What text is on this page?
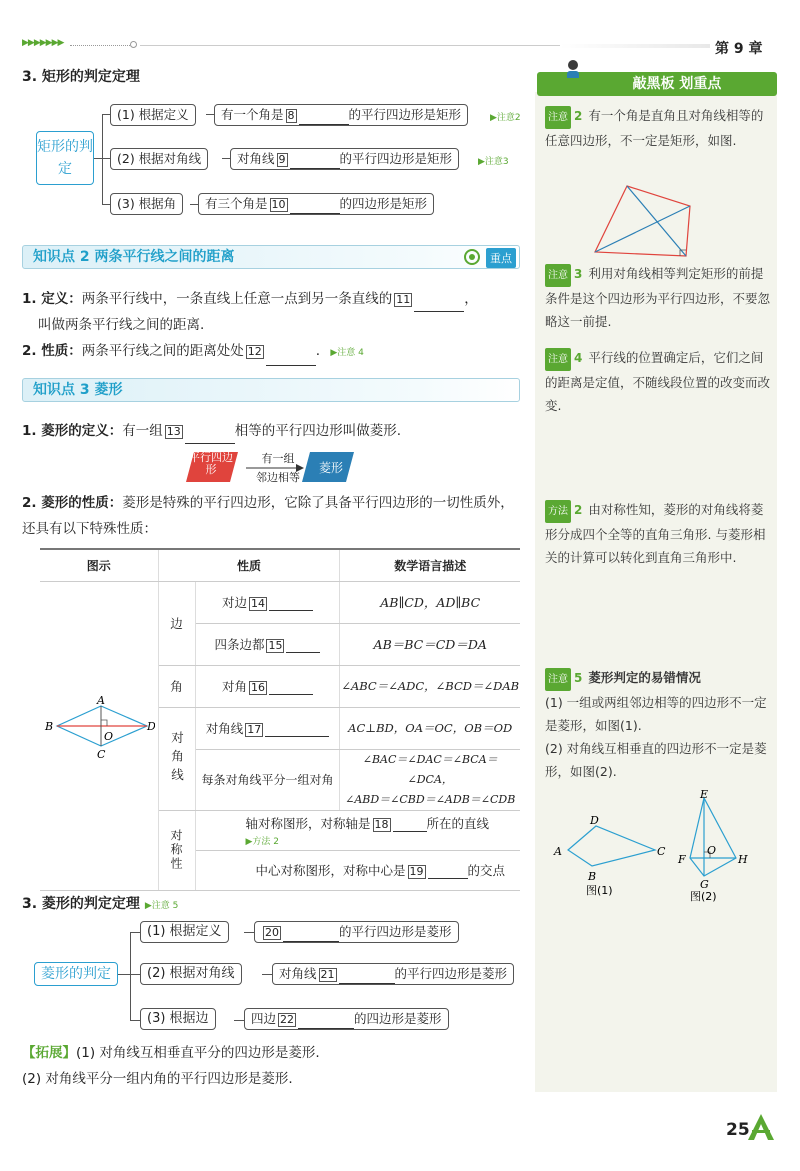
▶▶▶▶▶▶▶	第 9 章
敲黑板 划重点
注意 2 有一个角是直角且对角线相等的任意四边形，不一定是矩形，如图.
注意 3 利用对角线相等判定矩形的前提条件是这个四边形为平行四边形，不要忽略这一前提.
注意 4 平行线的位置确定后，它们之间的距离是定值，不随线段位置的改变而改变.
方法 2 由对称性知，菱形的对角线将菱形分成四个全等的直角三角形. 与菱形相关的计算可以转化到直角三角形中.
注意 5 菱形判定的易错情况
(1) 一组或两组邻边相等的四边形不一定是菱形，如图(1).
(2) 对角线互相垂直的四边形不一定是菱形，如图(2).
A
B
C
D
图(1)
E
F
G
H
O
图(2)
3. 矩形的判定定理
矩形的判定
(1) 根据定义	有一个角是 8	的平行四边形是矩形	▶注意2
(2) 根据对角线	对角线 9	的平行四边形是矩形	▶注意3
(3) 根据角	有三个角是 10	的四边形是矩形
知识点 2 两条平行线之间的距离	重点
1. 定义：两条平行线中，一条直线上任意一点到另一条直线的 11	，
叫做两条平行线之间的距离.
2. 性质：两条平行线之间的距离处处 12	. ▶注意 4
知识点 3 菱形
1. 菱形的定义：有一组 13	相等的平行四边形叫做菱形.
平行四边形
有一组
邻边相等
菱形
2. 菱形的性质：菱形是特殊的平行四边形，它除了具备平行四边形的一切性质外，还具有以下特殊性质：
图示	性质		数学语言描述

A
B
C
D
O	边	对边 14	AB∥CD，AD∥BC
		四条边都 15	AB＝BC＝CD＝DA
	角	对角 16	∠ABC＝∠ADC，∠BCD＝∠DAB
	对角线	对角线 17	AC⊥BD，OA＝OC，OB＝OD
		每条对角线平分一组对角	∠BAC＝∠DAC＝∠BCA＝∠DCA，
∠ABD＝∠CBD＝∠ADB＝∠CDB

	对称性	轴对称图形，对称轴是 18 所在的直线 ▶方法 2	
		中心对称图形，对称中心是 19 的交点	
3. 菱形的判定定理 ▶注意 5
菱形的判定
(1) 根据定义	20	的平行四边形是菱形
(2) 根据对角线	对角线 21	的平行四边形是菱形
(3) 根据边	四边 22	的四边形是菱形
【拓展】(1) 对角线互相垂直平分的四边形是菱形.
(2) 对角线平分一组内角的平行四边形是菱形.
25
